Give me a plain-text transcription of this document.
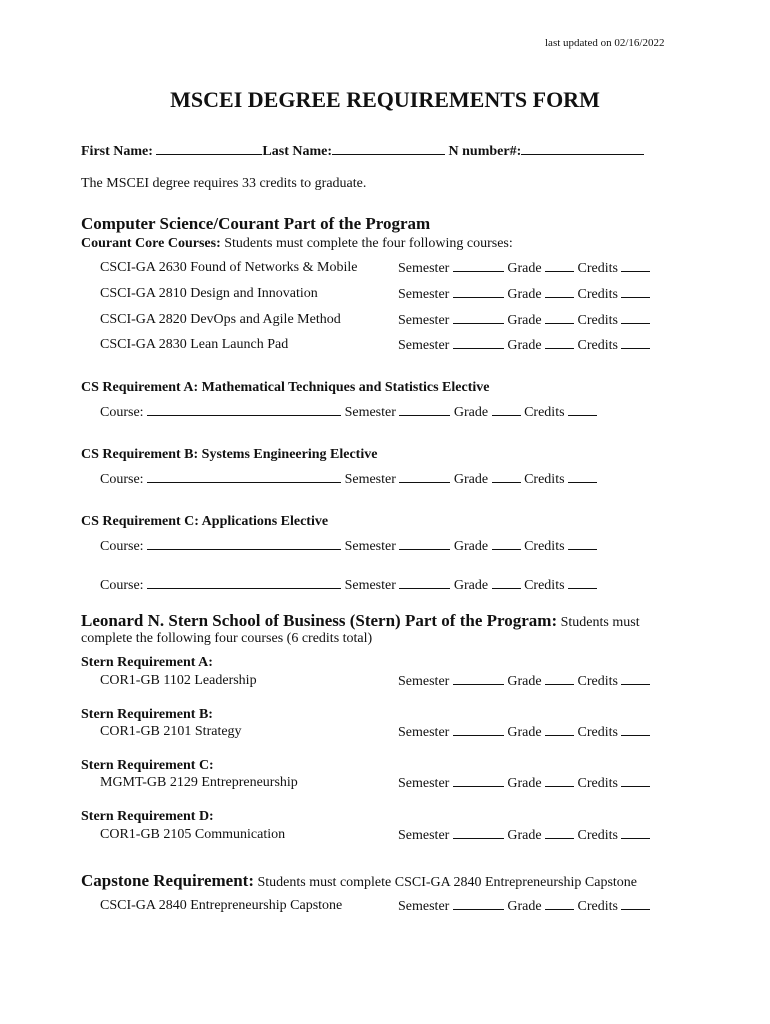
last updated on 02/16/2022
MSCEI DEGREE REQUIREMENTS FORM
First Name:	Last Name:	N number#:
The MSCEI degree requires 33 credits to graduate.
Computer Science/Courant Part of the Program
Courant Core Courses: Students must complete the four following courses:
CSCI-GA 2630 Found of Networks & Mobile	Semester	Grade	Credits
CSCI-GA 2810 Design and Innovation	Semester	Grade	Credits
CSCI-GA 2820 DevOps and Agile Method	Semester	Grade	Credits
CSCI-GA 2830 Lean Launch Pad	Semester	Grade	Credits
CS Requirement A: Mathematical Techniques and Statistics Elective
Course:	Semester	Grade	Credits
CS Requirement B: Systems Engineering Elective
Course:	Semester	Grade	Credits
CS Requirement C: Applications Elective
Course:	Semester	Grade	Credits
Course:	Semester	Grade	Credits
Leonard N. Stern School of Business (Stern) Part of the Program: Students must
complete the following four courses (6 credits total)
Stern Requirement A:
COR1-GB 1102 Leadership	Semester	Grade	Credits
Stern Requirement B:
COR1-GB 2101 Strategy	Semester	Grade	Credits
Stern Requirement C:
MGMT-GB 2129 Entrepreneurship	Semester	Grade	Credits
Stern Requirement D:
COR1-GB 2105 Communication	Semester	Grade	Credits
Capstone Requirement: Students must complete CSCI-GA 2840 Entrepreneurship Capstone
CSCI-GA 2840 Entrepreneurship Capstone	Semester	Grade	Credits
